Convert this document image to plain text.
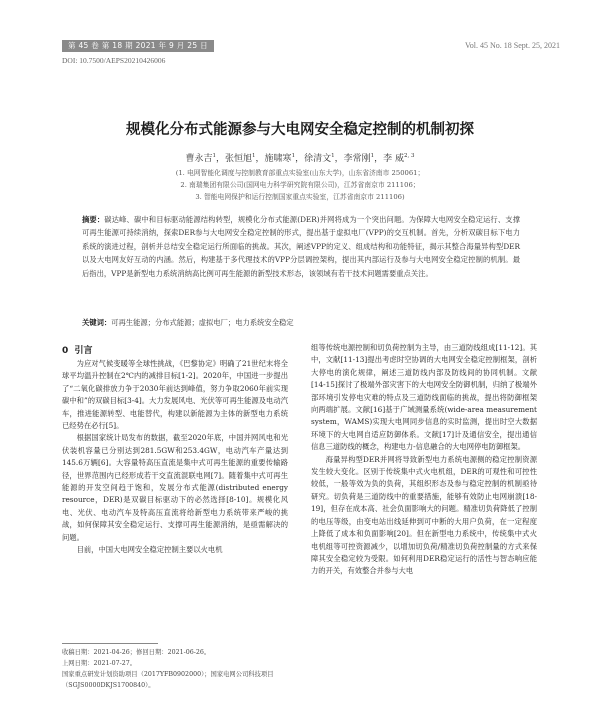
第 45 卷 第 18 期 2021 年 9 月 25 日	Vol. 45 No. 18 Sept. 25, 2021
DOI: 10.7500/AEPS20210426006
规模化分布式能源参与大电网安全稳定控制的机制初探
曹永吉$^1$，张恒旭$^1$，施啸寒$^1$，徐清文$^1$，李常刚$^1$，李 威$^{2, 3}$
(1. 电网智能化调度与控制教育部重点实验室(山东大学)，山东省济南市 250061；
2. 南瑞集团有限公司(国网电力科学研究院有限公司)，江苏省南京市 211106；
3. 智能电网保护和运行控制国家重点实验室，江苏省南京市 211106)
摘要：碳达峰、碳中和目标驱动能源结构转型，规模化分布式能源(DER)并网将成为一个突出问题。为保障大电网安全稳定运行、支撑可再生能源可持续消纳，探索DER参与大电网安全稳定控制的形式，提出基于虚拟电厂(VPP)的交互机制。首先，分析双碳目标下电力系统的演进过程，剖析并总结安全稳定运行所面临的挑战。其次，阐述VPP的定义、组成结构和功能特征，揭示其整合海量异构型DER以及大电网友好互动的内涵。然后，构建基于多代理技术的VPP分层调控架构，提出其内部运行及参与大电网安全稳定控制的机制。最后指出，VPP是新型电力系统消纳高比例可再生能源的新型技术形态，该领域有若干技术问题需要重点关注。
关键词：可再生能源；分布式能源；虚拟电厂；电力系统安全稳定
0 引言

为应对气候变暖等全球性挑战，《巴黎协定》明确了21世纪末将全球平均温升控制在2℃内的减排目标[1-2]。2020年，中国进一步提出了“二氧化碳排放力争于2030年前达到峰值，努力争取2060年前实现碳中和”的双碳目标[3-4]。大力发展风电、光伏等可再生能源及电动汽车，推进能源转型、电能替代，构建以新能源为主体的新型电力系统已经势在必行[5]。

根据国家统计局发布的数据，截至2020年底，中国并网风电和光伏装机容量已分别达到281.5GW和253.4GW，电动汽车产量达到145.6万辆[6]。大容量特高压直流是集中式可再生能源的重要传输路径，世界范围内已经形成若干交直流混联电网[7]。随着集中式可再生能源的开发空间趋于饱和，发展分布式能源(distributed energy resource，DER)是双碳目标驱动下的必然选择[8-10]。规模化风电、光伏、电动汽车及特高压直流将给新型电力系统带来严峻的挑战，如何保障其安全稳定运行、支撑可再生能源消纳，是亟需解决的问题。

目前，中国大电网安全稳定控制主要以火电机

组等传统电源控制和切负荷控制为主导，由三道防线组成[11-12]。其中，文献[11-13]提出考虑时空协调的大电网安全稳定控制框架，剖析大停电的演化规律，阐述三道防线内部及防线间的协同机制。文献[14-15]探讨了极端外部灾害下的大电网安全防御机制，归纳了极端外部环境引发停电灾难的特点及三道防线面临的挑战，提出将防御框架向两端扩展。文献[16]基于广域测量系统(wide-area measurement system，WAMS)实现大电网同步信息的实时监测，提出时空大数据环境下的大电网自适应防御体系。文献[17]计及通信安全，提出通信信息三道防线的概念，构建电力-信息融合的大电网停电防御框架。

海量异构型DER并网将导致新型电力系统电源侧的稳定控制资源发生较大变化。区别于传统集中式火电机组，DER的可观性和可控性较低，一般等效为负的负荷，其组织形态及参与稳定控制的机制亟待研究。切负荷是三道防线中的重要措施，能够有效防止电网崩溃[18-19]，但存在成本高、社会负面影响大的问题。精准切负荷降低了控制的电压等级，由变电站出线延伸到可中断的大用户负荷，在一定程度上降低了成本和负面影响[20]。但在新型电力系统中，传统集中式火电机组等可控资源减少，以增加切负荷/精准切负荷控制量的方式来保障其安全稳定较为受限。如何利用DER稳定运行的活性与智态响应能力的开关，有效整合并参与大电

收稿日期：2021-04-26；修回日期：2021-06-26。
上网日期：2021-07-27。
国家重点研发计划资助项目（2017YFB0902000）；国家电网公司科技项目（SGJS0000DKJS1700840）。
